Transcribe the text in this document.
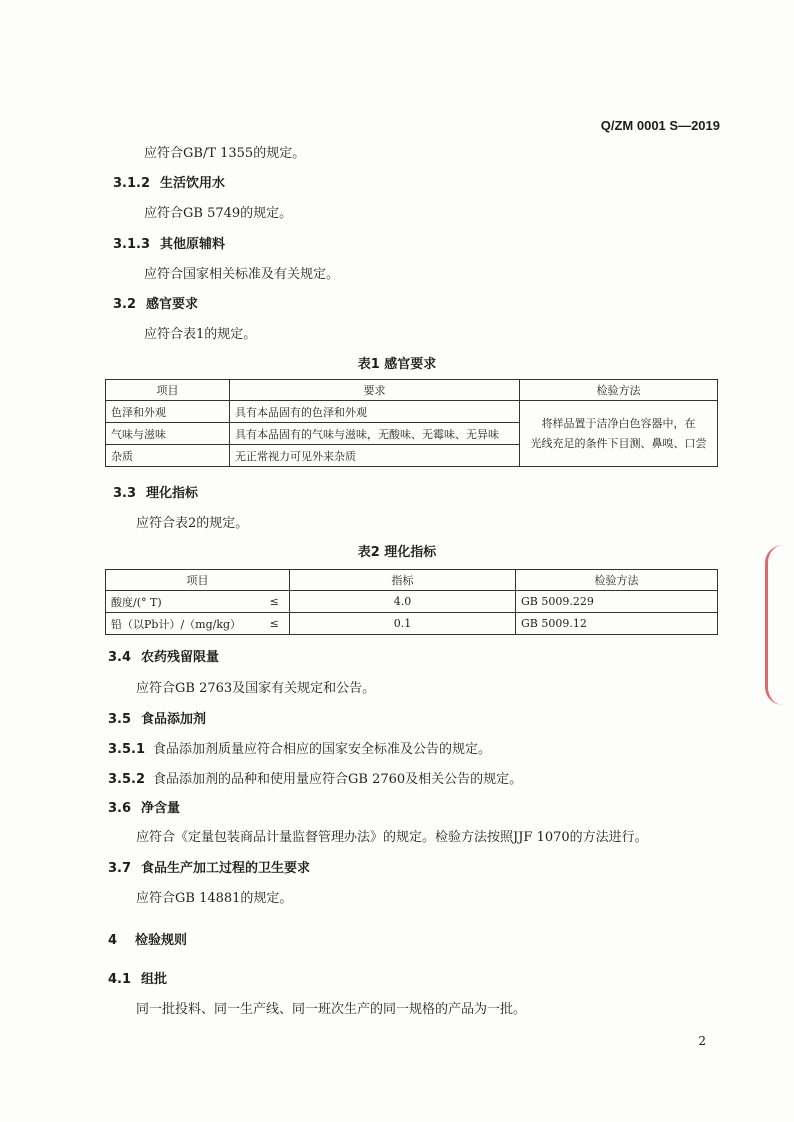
Q/ZM 0001 S—2019
应符合GB/T 1355的规定。
3.1.2 生活饮用水
应符合GB 5749的规定。
3.1.3 其他原辅料
应符合国家相关标准及有关规定。
3.2 感官要求
应符合表1的规定。
表1 感官要求
项目	要求	检验方法
色泽和外观	具有本品固有的色泽和外观	将样品置于洁净白色容器中，在
光线充足的条件下目测、鼻嗅、口尝

气味与滋味	具有本品固有的气味与滋味，无酸味、无霉味、无异味	
杂质	无正常视力可见外来杂质	
3.3 理化指标
应符合表2的规定。
表2 理化指标
项目		指标	检验方法
酸度/(° T)	≤	4.0	GB 5009.229
铅（以Pb计）/（mg/kg）	≤	0.1	GB 5009.12
3.4 农药残留限量
应符合GB 2763及国家有关规定和公告。
3.5 食品添加剂
3.5.1 食品添加剂质量应符合相应的国家安全标准及公告的规定。
3.5.2 食品添加剂的品种和使用量应符合GB 2760及相关公告的规定。
3.6 净含量
应符合《定量包装商品计量监督管理办法》的规定。检验方法按照JJF 1070的方法进行。
3.7 食品生产加工过程的卫生要求
应符合GB 14881的规定。
4 检验规则
4.1 组批
同一批投料、同一生产线、同一班次生产的同一规格的产品为一批。
2
